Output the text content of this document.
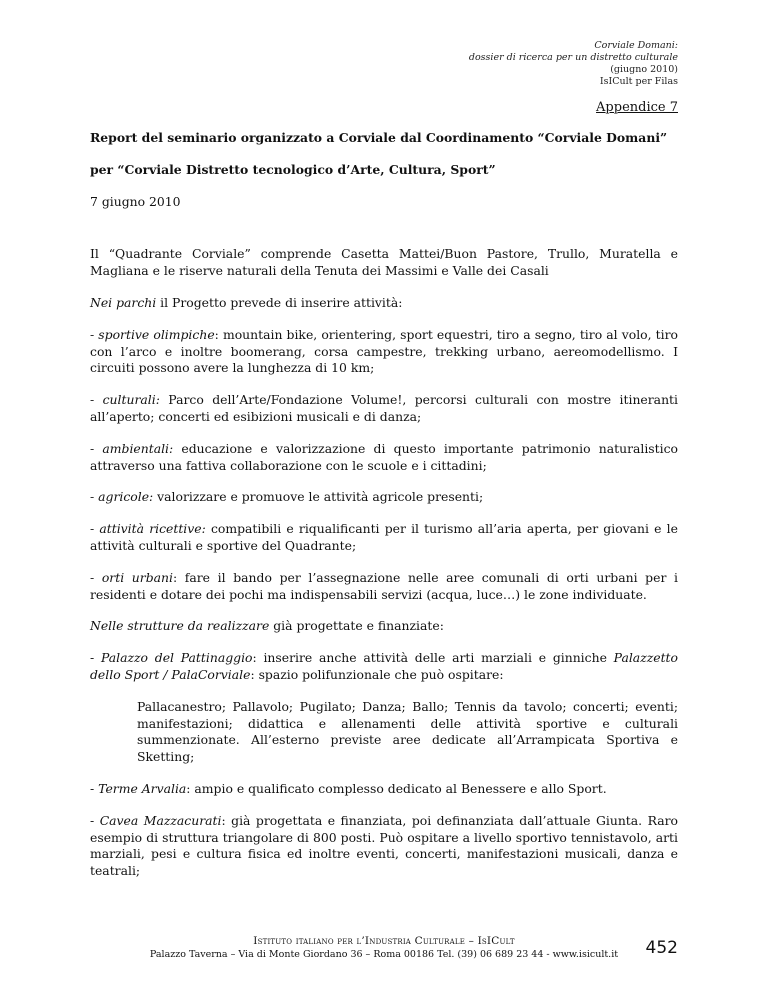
Corviale Domani:
dossier di ricerca per un distretto culturale
(giugno 2010)
IsICult per Filas
Appendice 7

Report del seminario organizzato a Corviale dal Coordinamento “Corviale Domani”

per “Corviale Distretto tecnologico d’Arte, Cultura, Sport”

7 giugno 2010

Il “Quadrante Corviale” comprende Casetta Mattei/Buon Pastore, Trullo, Muratella e Magliana e le riserve naturali della Tenuta dei Massimi e Valle dei Casali

Nei parchi il Progetto prevede di inserire attività:

- sportive olimpiche: mountain bike, orientering, sport equestri, tiro a segno, tiro al volo, tiro con l’arco e inoltre boomerang, corsa campestre, trekking urbano, aereomodellismo. I circuiti possono avere la lunghezza di 10 km;

- culturali: Parco dell’Arte/Fondazione Volume!, percorsi culturali con mostre itineranti all’aperto; concerti ed esibizioni musicali e di danza;

- ambientali: educazione e valorizzazione di questo importante patrimonio naturalistico attraverso una fattiva collaborazione con le scuole e i cittadini;

- agricole: valorizzare e promuove le attività agricole presenti;

- attività ricettive: compatibili e riqualificanti per il turismo all’aria aperta, per giovani e le attività culturali e sportive del Quadrante;

- orti urbani: fare il bando per l’assegnazione nelle aree comunali di orti urbani per i residenti e dotare dei pochi ma indispensabili servizi (acqua, luce…) le zone individuate.

Nelle strutture da realizzare già progettate e finanziate:

- Palazzo del Pattinaggio: inserire anche attività delle arti marziali e ginniche Palazzetto dello Sport / PalaCorviale: spazio polifunzionale che può ospitare:

Pallacanestro; Pallavolo; Pugilato; Danza; Ballo; Tennis da tavolo; concerti; eventi; manifestazioni; didattica e allenamenti delle attività sportive e culturali summenzionate. All’esterno previste aree dedicate all’Arrampicata Sportiva e Sketting;

- Terme Arvalia: ampio e qualificato complesso dedicato al Benessere e allo Sport.

- Cavea Mazzacurati: già progettata e finanziata, poi definanziata dall’attuale Giunta. Raro esempio di struttura triangolare di 800 posti. Può ospitare a livello sportivo tennistavolo, arti marziali, pesi e cultura fisica ed inoltre eventi, concerti, manifestazioni musicali, danza e teatrali;

Istituto italiano per l’Industria Culturale – IsICult
Palazzo Taverna – Via di Monte Giordano 36 – Roma 00186 Tel. (39) 06 689 23 44 - www.isicult.it	452
